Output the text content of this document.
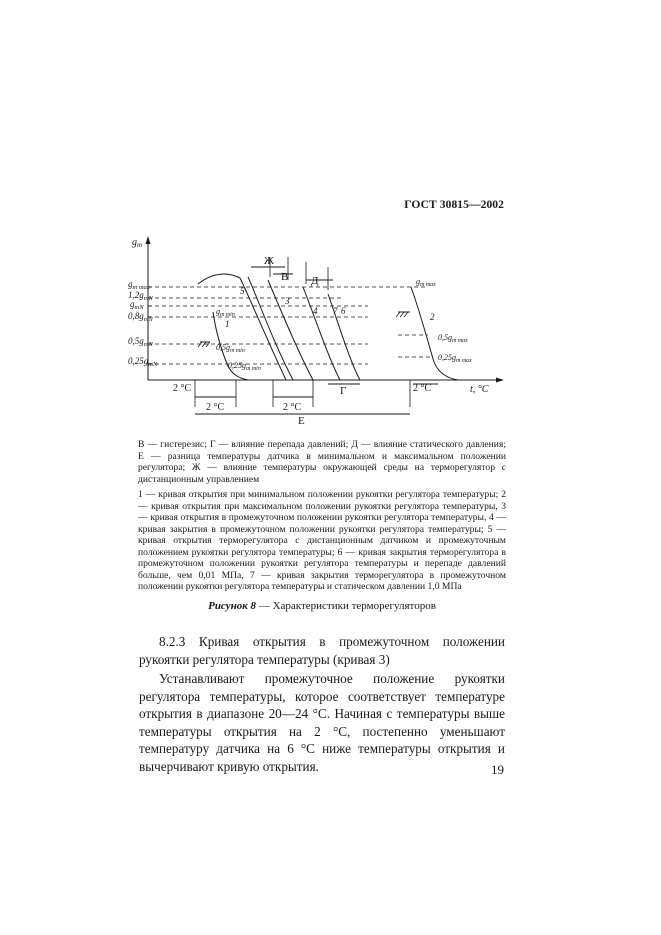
ГОСТ 30815—2002
$g_m$
$g_{m max}$
$1,2g_{mN}$
$g_{mN}$
$0,8g_{mN}$
$0,5g_{mN}$
$0,25g_{mN}$
$g_{m min}$
$0,5g_{m min}$
$0,25g_{m min}$
$g_{m max}$
$0,5g_{m max}$
$0,25g_{m max}$
1
2
3
4
5
6
7
Ж
В Д
Г
Е
2 °C
2 °C	2 °C
2 °C	t, °C

В — гистерезис; Г — влияние перепада давлений; Д — влияние статического давления; Е — разница температуры датчика в минимальном и максимальном положении регулятора; Ж — влияние температуры окружающей среды на терморегулятор с дистанционным управлением

1 — кривая открытия при минимальном положении рукоятки регулятора температуры; 2 — кривая открытия при максимальном положении рукоятки регулятора температуры, 3 — кривая открытия в промежуточном положении рукоятки регулятора температуры, 4 — кривая закрытия в промежуточном положении рукоятки регулятора температуры; 5 — кривая открытия терморегулятора с дистанционным датчиком и промежуточным положением рукоятки регулятора температуры; 6 — кривая закрытия терморегулятора в промежуточном положении рукоятки регулятора температуры и перепаде давлений больше, чем 0,01 МПа, 7 — кривая закрытия терморегулятора в промежуточном положении рукоятки регулятора температуры и статическом давлении 1,0 МПа

Рисунок 8 — Характеристики терморегуляторов

8.2.3 Кривая открытия в промежуточном положении рукоятки регулятора температуры (кривая 3)

Устанавливают промежуточное положение рукоятки регулятора температуры, которое соответствует температуре открытия в диапазоне 20—24 °С. Начиная с температуры выше температуры открытия на 2 °С, постепенно уменьшают температуру датчика на 6 °С ниже температуры открытия и вычерчивают кривую открытия.	19
